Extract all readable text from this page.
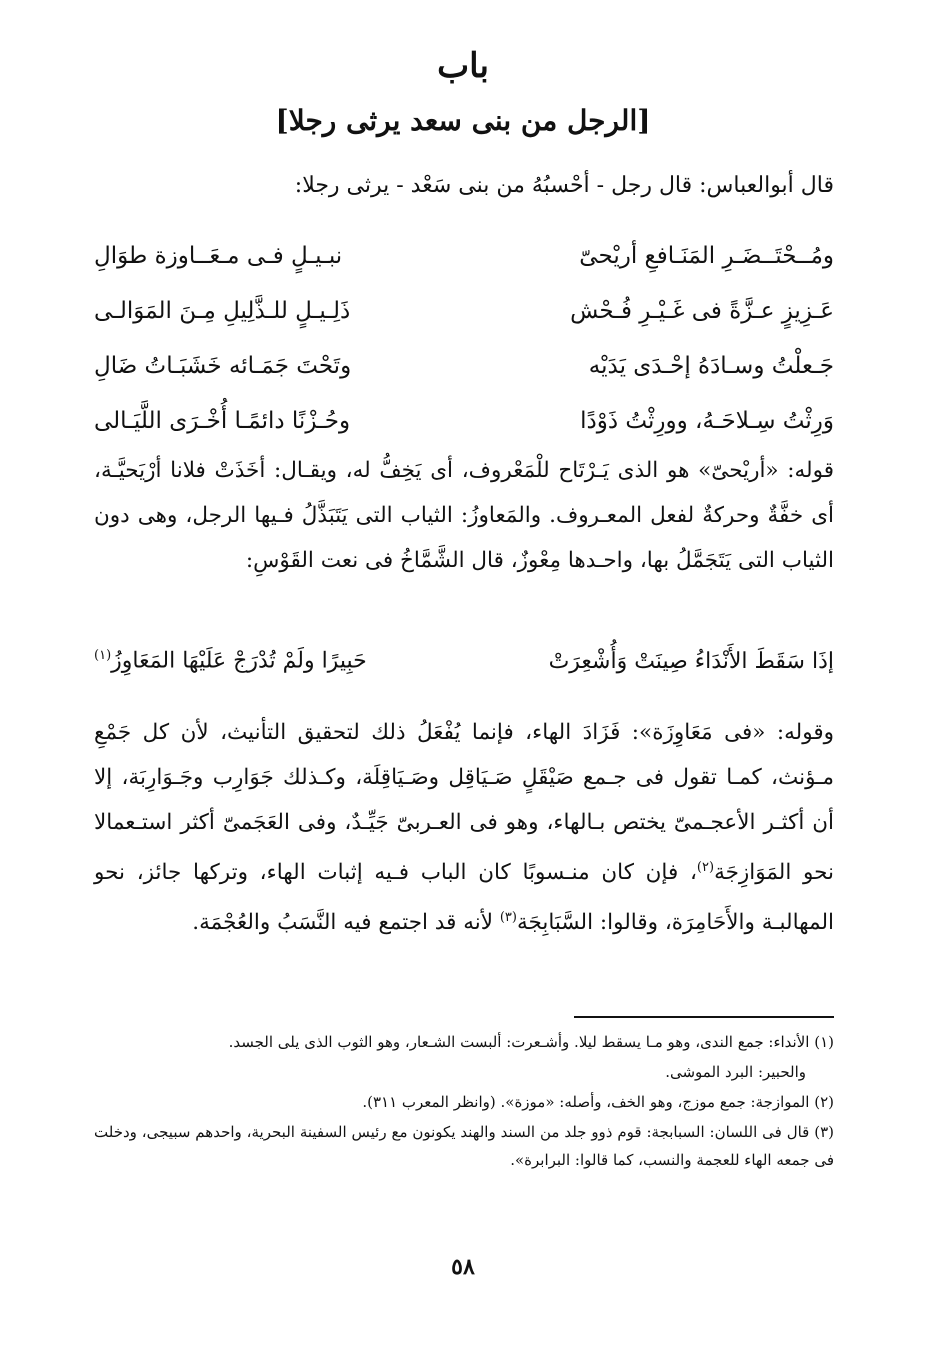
باب
[الرجل من بنى سعد يرثى رجلا]
قال أبوالعباس: قال رجل - أحْسبُهُ من بنى سَعْد - يرثى رجلا:
ومُــحْتَــضَـرِ المَنَـافعِ أريْحىّ
نبـيـلٍ فـى مـعَــاوزة طوَالِ
عَـزِيزٍ عـزَّةً فى غَـيْـرِ فُـحْش
ذَلِـيـلٍ للـذَّلِيلِ مِـنَ المَوَالـى
جَـعلْتُ وسـادَهُ إحْـدَى يَدَيْه
وتَحْتَ جَمَـائه خَشَبَـاتُ ضَالِ
وَرِثْتُ سِـلاحَـهُ، وورِثْتُ ذَوْدًا
وحُـزْنًا دائمًـا أُخْـرَى اللَّيَـالى

قوله: «أريْحىّ» هو الذى يَـرْتَاح للْمَعْروف، أى يَخِفُّ له، ويقـال: أخَذَتْ فلانا أرْيَحيَّـة، أى خفَّةٌ وحركةٌ لفعل المعـروف. والمَعاوزُ: الثياب التى يَتَبَذَّلُ فـيها الرجل، وهى دون الثياب التى يَتَجَمَّلُ بها، واحـدها مِعْوزٌ، قال الشَّمَّاخُ فى نعت القَوْسِ:

إذَا سَقَطَ الأَنْدَاءُ صِينَتْ وَأُشْعِرَتْ
حَبِيرًا ولَمْ تُدْرَجْ عَلَيْهَا المَعَاوِزُ$^{(١)}$

وقوله: «فى مَعَاوِزَة»: فَزَادَ الهاء، فإنما يُفْعَلُ ذلك لتحقيق التأنيث، لأن كل جَمْعِ مـؤنث، كمـا تقول فى جـمع صَيْقَلٍ صَـيَاقِل وصَـيَاقِلَة، وكـذلك جَوَارِب وجَـوَارِبَة، إلا أن أكثـر الأعجـمىّ يختص بـالهاء، وهو فى العـربىّ جَيِّـدٌ، وفى العَجَمىّ أكثر استـعمالا نحو المَوَازِجَة$^{(٢)}$، فإن كان منـسوبًا كان الباب فـيه إثبات الهاء، وتركها جائز، نحو المهالبـة والأَحَامِرَة، وقالوا: السَّبَابِجَة$^{(٣)}$ لأنه قد اجتمع فيه النَّسَبُ والعُجْمَة.

(١) الأنداء: جمع الندى، وهو مـا يسقط ليلا. وأشـعرت: ألبست الشـعار، وهو الثوب الذى يلى الجسد.
والحبير: البرد الموشى.
(٢) الموازجة: جمع موزج، وهو الخف، وأصله: «موزة». (وانظر المعرب ٣١١).
(٣) قال فى اللسان: السبابجة: قوم ذوو جلد من السند والهند يكونون مع رئيس السفينة البحرية، واحدهم سبيجى، ودخلت فى جمعه الهاء للعجمة والنسب، كما قالوا: البرابرة».
٥٨
